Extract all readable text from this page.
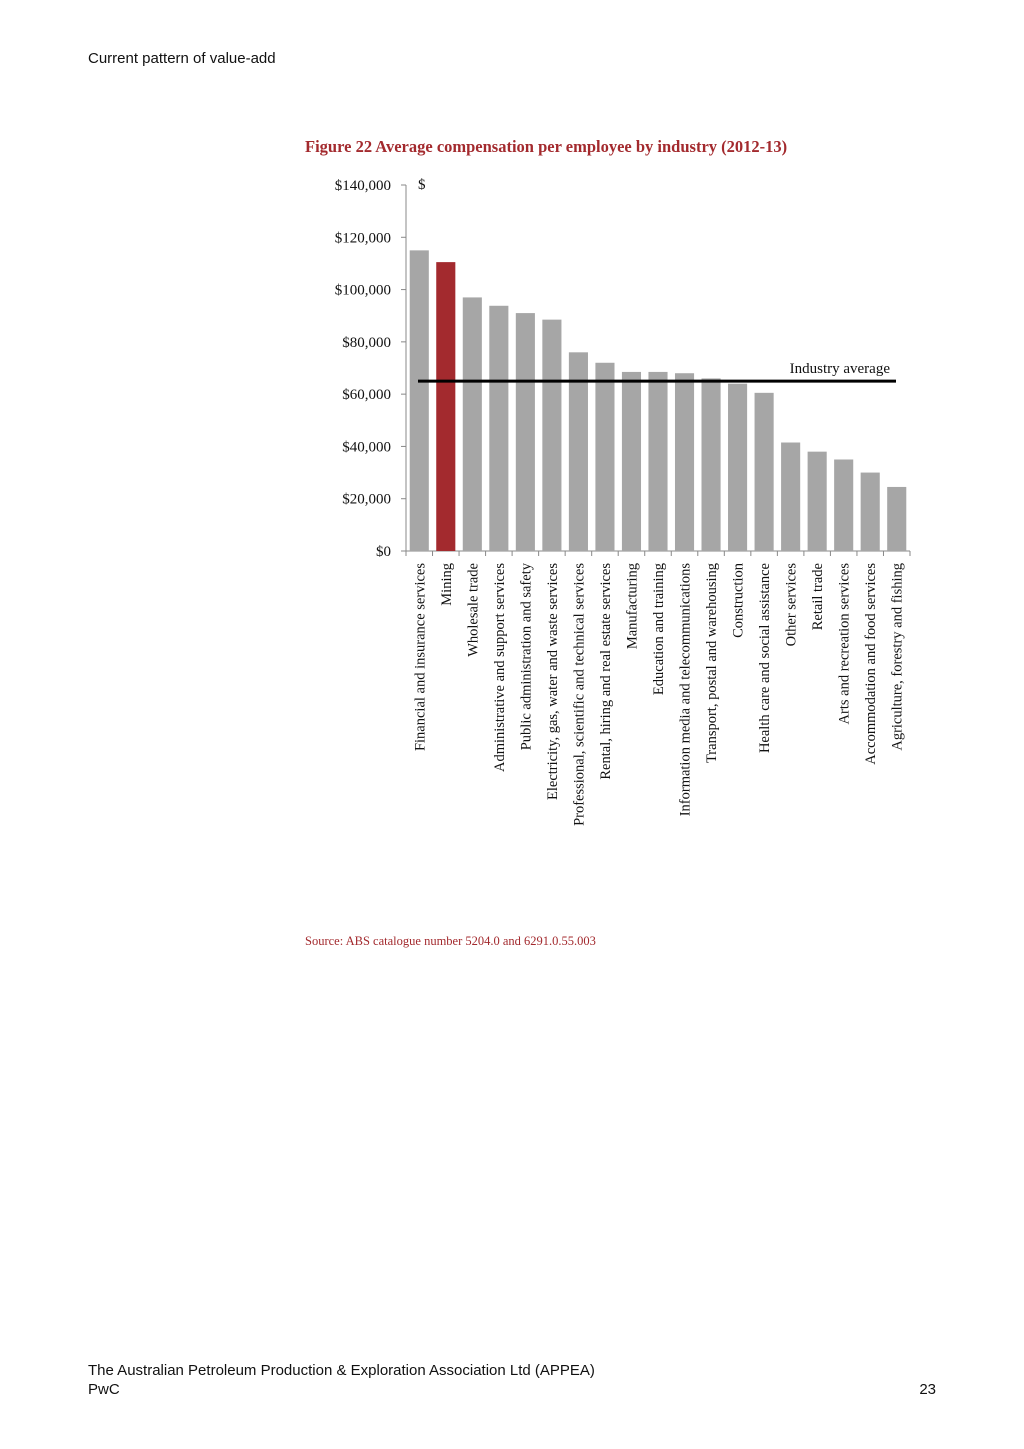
Current pattern of value-add
Figure 22 Average compensation per employee by industry (2012-13)
$0
$20,000
$40,000
$60,000
$80,000
$100,000
$120,000
$140,000
Financial and insurance services Mining Wholesale trade Administrative and support services Public administration and safety Electricity, gas, water and waste services Professional, scientific and technical services Rental, hiring and real estate services Manufacturing Education and training Information media and telecommunications Transport, postal and warehousing Construction Health care and social assistance Other services Retail trade Arts and recreation services Accommodation and food services Agriculture, forestry and fishing
Industry average
$
Source: ABS catalogue number 5204.0 and 6291.0.55.003
The Australian Petroleum Production & Exploration Association Ltd (APPEA)
PwC	23
